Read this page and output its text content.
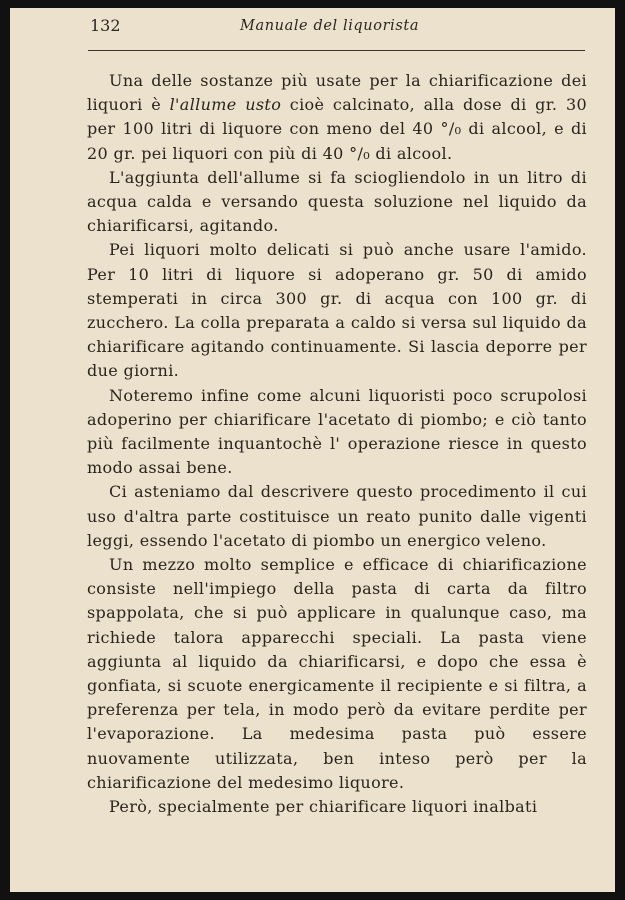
132	Manuale del liquorista

Una delle sostanze più usate per la chiarificazione dei liquori è l'allume usto cioè calcinato, alla dose di gr. 30 per 100 litri di liquore con meno del 40 °/₀ di alcool, e di 20 gr. pei liquori con più di 40 °/₀ di alcool.

L'aggiunta dell'allume si fa sciogliendolo in un litro di acqua calda e versando questa soluzione nel liquido da chiarificarsi, agitando.

Pei liquori molto delicati si può anche usare l'amido. Per 10 litri di liquore si adoperano gr. 50 di amido stemperati in circa 300 gr. di acqua con 100 gr. di zucchero. La colla preparata a caldo si versa sul liquido da chiarificare agitando continuamente. Si lascia deporre per due giorni.

Noteremo infine come alcuni liquoristi poco scrupolosi adoperino per chiarificare l'acetato di piombo; e ciò tanto più facilmente inquantochè l' operazione riesce in questo modo assai bene.

Ci asteniamo dal descrivere questo procedimento il cui uso d'altra parte costituisce un reato punito dalle vigenti leggi, essendo l'acetato di piombo un energico veleno.

Un mezzo molto semplice e efficace di chiarificazione consiste nell'impiego della pasta di carta da filtro spappolata, che si può applicare in qualunque caso, ma richiede talora apparecchi speciali. La pasta viene aggiunta al liquido da chiarificarsi, e dopo che essa è gonfiata, si scuote energicamente il recipiente e si filtra, a preferenza per tela, in modo però da evitare perdite per l'evaporazione. La medesima pasta può essere nuovamente utilizzata, ben inteso però per la chiarificazione del medesimo liquore.

Però, specialmente per chiarificare liquori inalbati
